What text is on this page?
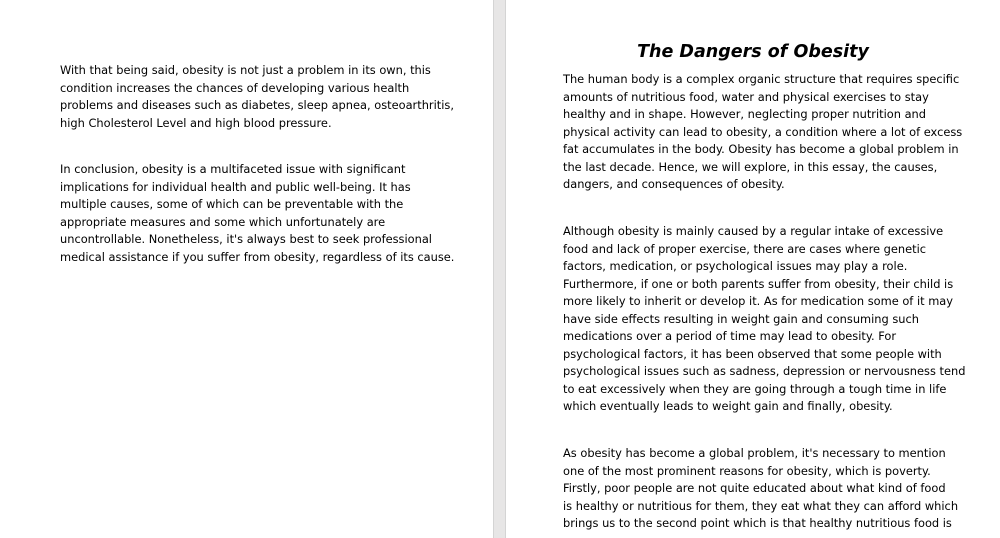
With that being said, obesity is not just a problem in its own, this
condition increases the chances of developing various health
problems and diseases such as diabetes, sleep apnea, osteoarthritis,
high Cholesterol Level and high blood pressure.

In conclusion, obesity is a multifaceted issue with significant
implications for individual health and public well-being. It has
multiple causes, some of which can be preventable with the
appropriate measures and some which unfortunately are
uncontrollable. Nonetheless, it's always best to seek professional
medical assistance if you suffer from obesity, regardless of its cause.

The Dangers of Obesity

The human body is a complex organic structure that requires specific
amounts of nutritious food, water and physical exercises to stay
healthy and in shape. However, neglecting proper nutrition and
physical activity can lead to obesity, a condition where a lot of excess
fat accumulates in the body. Obesity has become a global problem in
the last decade. Hence, we will explore, in this essay, the causes,
dangers, and consequences of obesity.

Although obesity is mainly caused by a regular intake of excessive
food and lack of proper exercise, there are cases where genetic
factors, medication, or psychological issues may play a role.
Furthermore, if one or both parents suffer from obesity, their child is
more likely to inherit or develop it. As for medication some of it may
have side effects resulting in weight gain and consuming such
medications over a period of time may lead to obesity. For
psychological factors, it has been observed that some people with
psychological issues such as sadness, depression or nervousness tend
to eat excessively when they are going through a tough time in life
which eventually leads to weight gain and finally, obesity.

As obesity has become a global problem, it's necessary to mention
one of the most prominent reasons for obesity, which is poverty.
Firstly, poor people are not quite educated about what kind of food
is healthy or nutritious for them, they eat what they can afford which
brings us to the second point which is that healthy nutritious food is
